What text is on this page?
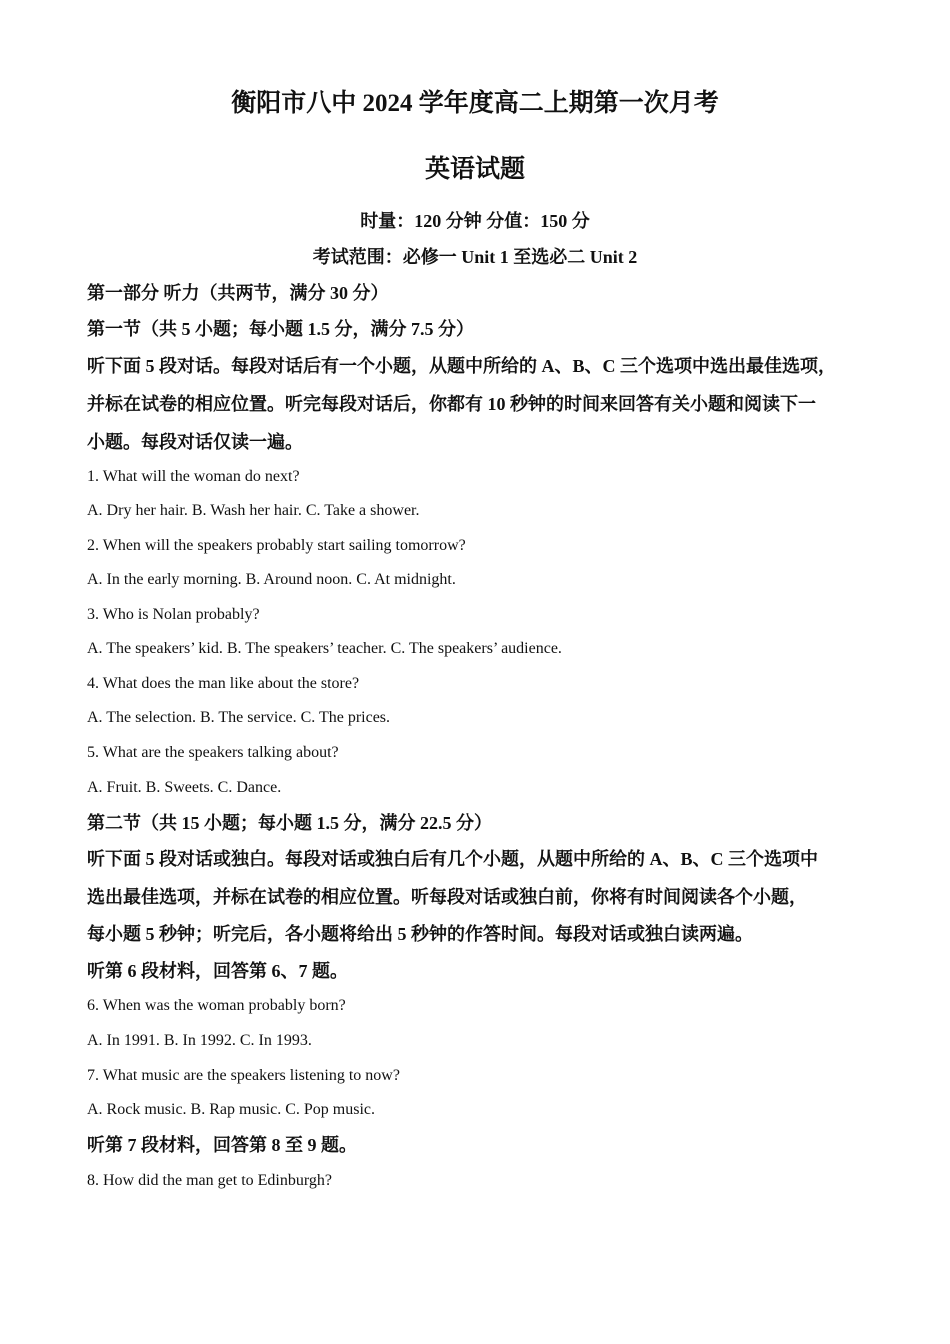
衡阳市八中 2024 学年度高二上期第一次月考
英语试题
时量：120 分钟 分值：150 分
考试范围：必修一 Unit 1 至选必二 Unit 2
第一部分 听力（共两节，满分 30 分）
第一节（共 5 小题；每小题 1.5 分，满分 7.5 分）
听下面 5 段对话。每段对话后有一个小题，从题中所给的 A、B、C 三个选项中选出最佳选项，
并标在试卷的相应位置。听完每段对话后，你都有 10 秒钟的时间来回答有关小题和阅读下一
小题。每段对话仅读一遍。
1. What will the woman do next?
A. Dry her hair. B. Wash her hair. C. Take a shower.
2. When will the speakers probably start sailing tomorrow?
A. In the early morning. B. Around noon. C. At midnight.
3. Who is Nolan probably?
A. The speakers’ kid. B. The speakers’ teacher. C. The speakers’ audience.
4. What does the man like about the store?
A. The selection. B. The service. C. The prices.
5. What are the speakers talking about?
A. Fruit. B. Sweets. C. Dance.
第二节（共 15 小题；每小题 1.5 分，满分 22.5 分）
听下面 5 段对话或独白。每段对话或独白后有几个小题，从题中所给的 A、B、C 三个选项中
选出最佳选项，并标在试卷的相应位置。听每段对话或独白前，你将有时间阅读各个小题，
每小题 5 秒钟；听完后，各小题将给出 5 秒钟的作答时间。每段对话或独白读两遍。
听第 6 段材料，回答第 6、7 题。
6. When was the woman probably born?
A. In 1991. B. In 1992. C. In 1993.
7. What music are the speakers listening to now?
A. Rock music. B. Rap music. C. Pop music.
听第 7 段材料，回答第 8 至 9 题。
8. How did the man get to Edinburgh?
